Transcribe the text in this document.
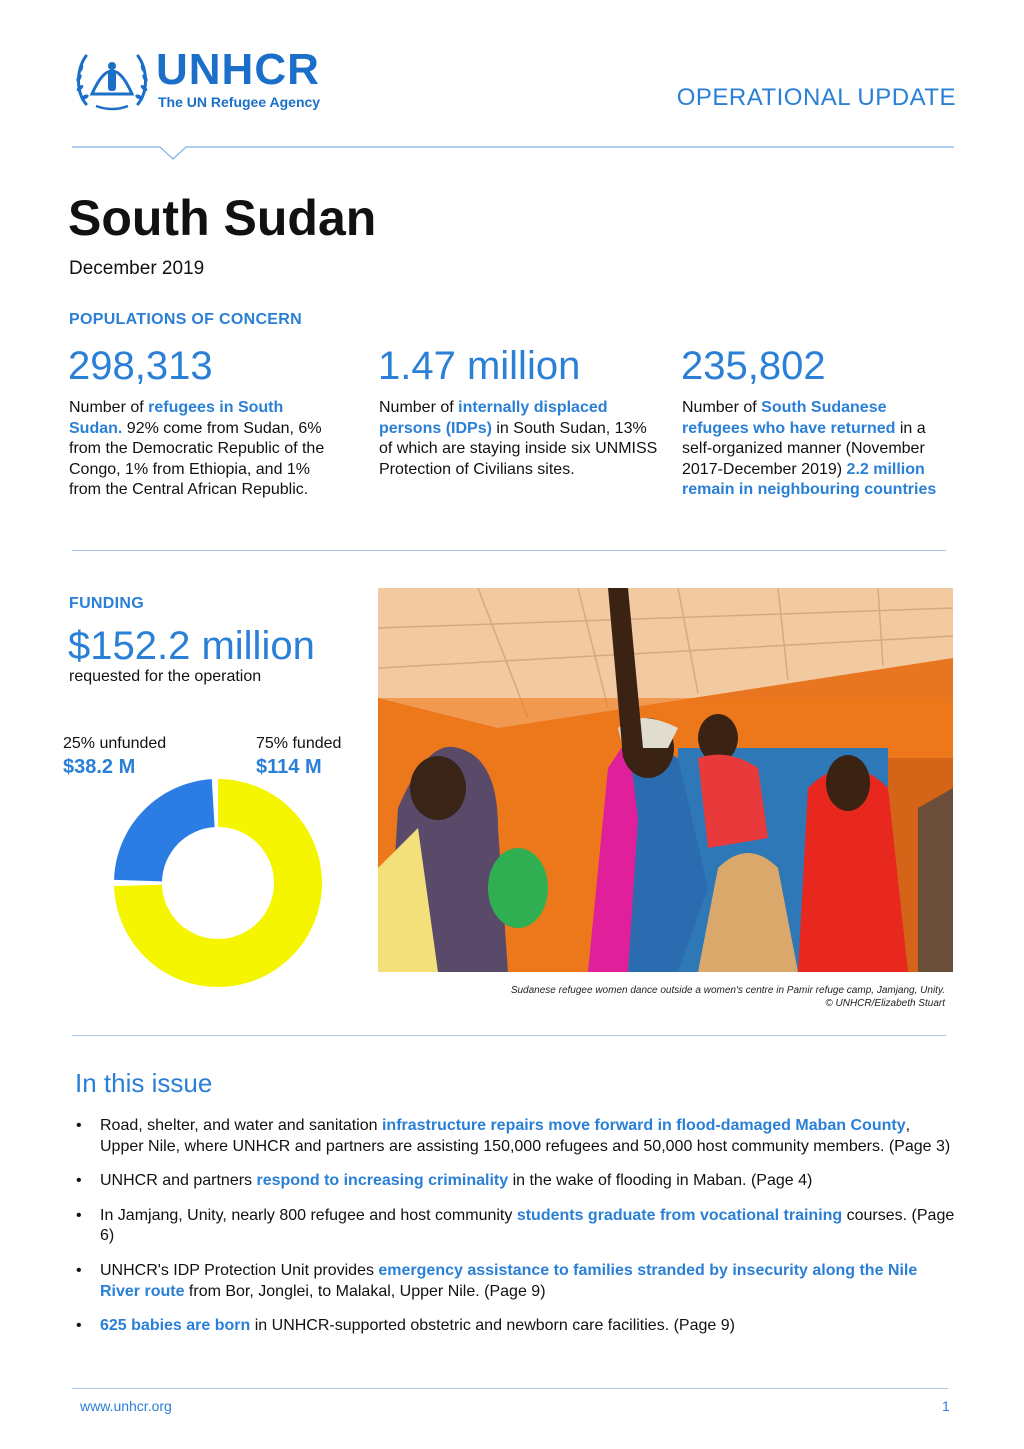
UNHCR
The UN Refugee Agency	OPERATIONAL UPDATE
South Sudan
December 2019
POPULATIONS OF CONCERN
298,313
Number of refugees in South Sudan. 92% come from Sudan, 6% from the Democratic Republic of the Congo, 1% from Ethiopia, and 1% from the Central African Republic.
1.47 million
Number of internally displaced persons (IDPs) in South Sudan, 13% of which are staying inside six UNMISS Protection of Civilians sites.
235,802
Number of South Sudanese refugees who have returned in a self-organized manner (November 2017-December 2019) 2.2 million remain in neighbouring countries
FUNDING
$152.2 million
requested for the operation
25% unfunded
$38.2 M
75% funded
$114 M
Sudanese refugee women dance outside a women's centre in Pamir refuge camp, Jamjang, Unity.
© UNHCR/Elizabeth Stuart
In this issue
• Road, shelter, and water and sanitation infrastructure repairs move forward in flood-damaged Maban County, Upper Nile, where UNHCR and partners are assisting 150,000 refugees and 50,000 host community members. (Page 3)
• UNHCR and partners respond to increasing criminality in the wake of flooding in Maban. (Page 4)
• In Jamjang, Unity, nearly 800 refugee and host community students graduate from vocational training courses. (Page 6)
• UNHCR's IDP Protection Unit provides emergency assistance to families stranded by insecurity along the Nile River route from Bor, Jonglei, to Malakal, Upper Nile. (Page 9)
• 625 babies are born in UNHCR-supported obstetric and newborn care facilities. (Page 9)
www.unhcr.org	1
